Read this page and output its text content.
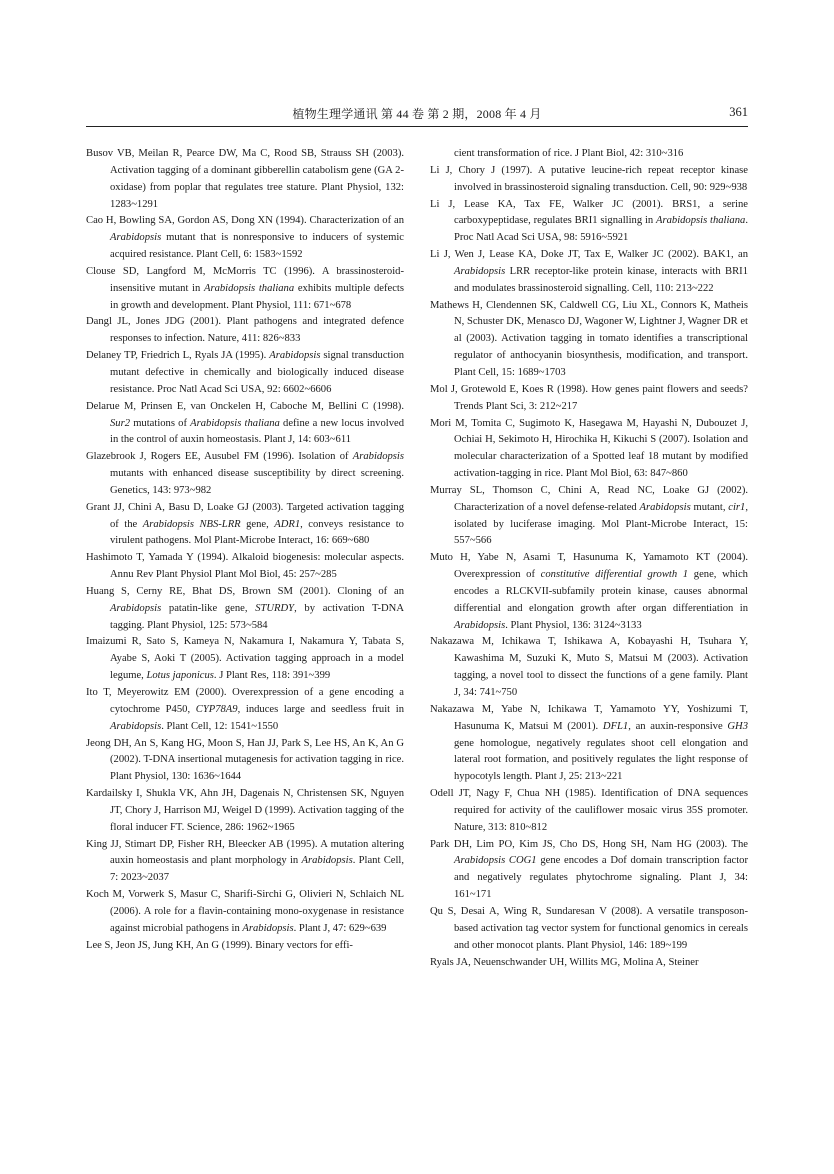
植物生理学通讯 第 44 卷 第 2 期，2008 年 4 月	361

Busov VB, Meilan R, Pearce DW, Ma C, Rood SB, Strauss SH (2003). Activation tagging of a dominant gibberellin catabolism gene (GA 2-oxidase) from poplar that regulates tree stature. Plant Physiol, 132: 1283~1291

Cao H, Bowling SA, Gordon AS, Dong XN (1994). Characterization of an Arabidopsis mutant that is nonresponsive to inducers of systemic acquired resistance. Plant Cell, 6: 1583~1592

Clouse SD, Langford M, McMorris TC (1996). A brassinosteroid-insensitive mutant in Arabidopsis thaliana exhibits multiple defects in growth and development. Plant Physiol, 111: 671~678

Dangl JL, Jones JDG (2001). Plant pathogens and integrated defence responses to infection. Nature, 411: 826~833

Delaney TP, Friedrich L, Ryals JA (1995). Arabidopsis signal transduction mutant defective in chemically and biologically induced disease resistance. Proc Natl Acad Sci USA, 92: 6602~6606

Delarue M, Prinsen E, van Onckelen H, Caboche M, Bellini C (1998). Sur2 mutations of Arabidopsis thaliana define a new locus involved in the control of auxin homeostasis. Plant J, 14: 603~611

Glazebrook J, Rogers EE, Ausubel FM (1996). Isolation of Arabidopsis mutants with enhanced disease susceptibility by direct screening. Genetics, 143: 973~982

Grant JJ, Chini A, Basu D, Loake GJ (2003). Targeted activation tagging of the Arabidopsis NBS-LRR gene, ADR1, conveys resistance to virulent pathogens. Mol Plant-Microbe Interact, 16: 669~680

Hashimoto T, Yamada Y (1994). Alkaloid biogenesis: molecular aspects. Annu Rev Plant Physiol Plant Mol Biol, 45: 257~285

Huang S, Cerny RE, Bhat DS, Brown SM (2001). Cloning of an Arabidopsis patatin-like gene, STURDY, by activation T-DNA tagging. Plant Physiol, 125: 573~584

Imaizumi R, Sato S, Kameya N, Nakamura I, Nakamura Y, Tabata S, Ayabe S, Aoki T (2005). Activation tagging approach in a model legume, Lotus japonicus. J Plant Res, 118: 391~399

Ito T, Meyerowitz EM (2000). Overexpression of a gene encoding a cytochrome P450, CYP78A9, induces large and seedless fruit in Arabidopsis. Plant Cell, 12: 1541~1550

Jeong DH, An S, Kang HG, Moon S, Han JJ, Park S, Lee HS, An K, An G (2002). T-DNA insertional mutagenesis for activation tagging in rice. Plant Physiol, 130: 1636~1644

Kardailsky I, Shukla VK, Ahn JH, Dagenais N, Christensen SK, Nguyen JT, Chory J, Harrison MJ, Weigel D (1999). Activation tagging of the floral inducer FT. Science, 286: 1962~1965

King JJ, Stimart DP, Fisher RH, Bleecker AB (1995). A mutation altering auxin homeostasis and plant morphology in Arabidopsis. Plant Cell, 7: 2023~2037

Koch M, Vorwerk S, Masur C, Sharifi-Sirchi G, Olivieri N, Schlaich NL (2006). A role for a flavin-containing mono-oxygenase in resistance against microbial pathogens in Arabidopsis. Plant J, 47: 629~639

Lee S, Jeon JS, Jung KH, An G (1999). Binary vectors for effi-

cient transformation of rice. J Plant Biol, 42: 310~316

Li J, Chory J (1997). A putative leucine-rich repeat receptor kinase involved in brassinosteroid signaling transduction. Cell, 90: 929~938

Li J, Lease KA, Tax FE, Walker JC (2001). BRS1, a serine carboxypeptidase, regulates BRI1 signalling in Arabidopsis thaliana. Proc Natl Acad Sci USA, 98: 5916~5921

Li J, Wen J, Lease KA, Doke JT, Tax E, Walker JC (2002). BAK1, an Arabidopsis LRR receptor-like protein kinase, interacts with BRI1 and modulates brassinosteroid signalling. Cell, 110: 213~222

Mathews H, Clendennen SK, Caldwell CG, Liu XL, Connors K, Matheis N, Schuster DK, Menasco DJ, Wagoner W, Lightner J, Wagner DR et al (2003). Activation tagging in tomato identifies a transcriptional regulator of anthocyanin biosynthesis, modification, and transport. Plant Cell, 15: 1689~1703

Mol J, Grotewold E, Koes R (1998). How genes paint flowers and seeds? Trends Plant Sci, 3: 212~217

Mori M, Tomita C, Sugimoto K, Hasegawa M, Hayashi N, Dubouzet J, Ochiai H, Sekimoto H, Hirochika H, Kikuchi S (2007). Isolation and molecular characterization of a Spotted leaf 18 mutant by modified activation-tagging in rice. Plant Mol Biol, 63: 847~860

Murray SL, Thomson C, Chini A, Read NC, Loake GJ (2002). Characterization of a novel defense-related Arabidopsis mutant, cir1, isolated by luciferase imaging. Mol Plant-Microbe Interact, 15: 557~566

Muto H, Yabe N, Asami T, Hasunuma K, Yamamoto KT (2004). Overexpression of constitutive differential growth 1 gene, which encodes a RLCKVII-subfamily protein kinase, causes abnormal differential and elongation growth after organ differentiation in Arabidopsis. Plant Physiol, 136: 3124~3133

Nakazawa M, Ichikawa T, Ishikawa A, Kobayashi H, Tsuhara Y, Kawashima M, Suzuki K, Muto S, Matsui M (2003). Activation tagging, a novel tool to dissect the functions of a gene family. Plant J, 34: 741~750

Nakazawa M, Yabe N, Ichikawa T, Yamamoto YY, Yoshizumi T, Hasunuma K, Matsui M (2001). DFL1, an auxin-responsive GH3 gene homologue, negatively regulates shoot cell elongation and lateral root formation, and positively regulates the light response of hypocotyls length. Plant J, 25: 213~221

Odell JT, Nagy F, Chua NH (1985). Identification of DNA sequences required for activity of the cauliflower mosaic virus 35S promoter. Nature, 313: 810~812

Park DH, Lim PO, Kim JS, Cho DS, Hong SH, Nam HG (2003). The Arabidopsis COG1 gene encodes a Dof domain transcription factor and negatively regulates phytochrome signaling. Plant J, 34: 161~171

Qu S, Desai A, Wing R, Sundaresan V (2008). A versatile transposon-based activation tag vector system for functional genomics in cereals and other monocot plants. Plant Physiol, 146: 189~199

Ryals JA, Neuenschwander UH, Willits MG, Molina A, Steiner
